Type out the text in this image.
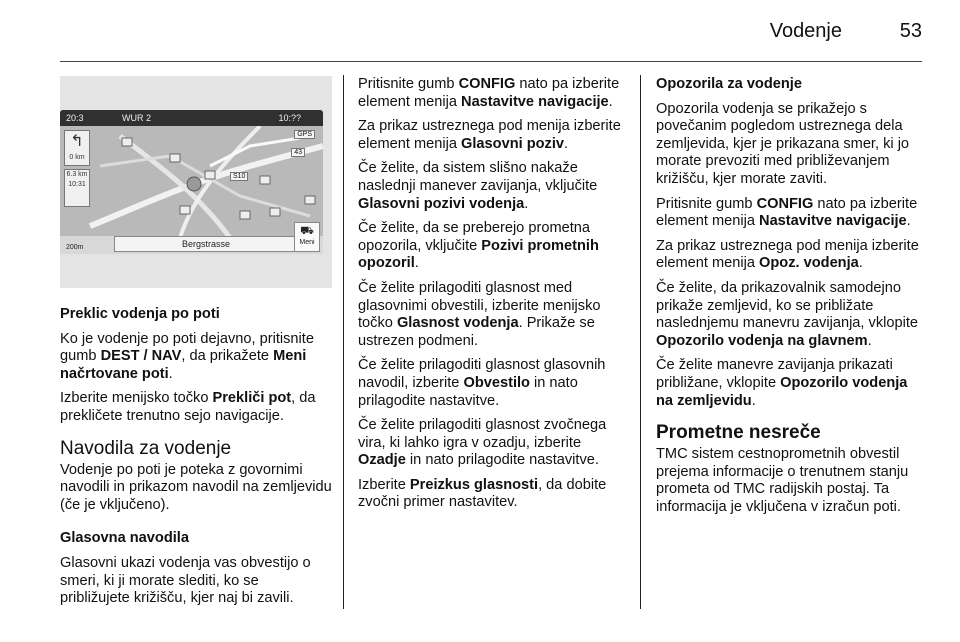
Vodenje	53
20:3	WUR 2	10:??
GPS
43
S10
↰
0 km
6.3 km
10:31
200m	Bergstrasse
⛟
Meni

Preklic vodenja po poti

Ko je vodenje po poti dejavno, pritisnite gumb DEST / NAV, da prikažete Meni načrtovane poti.

Izberite menijsko točko Prekliči pot, da prekličete trenutno sejo navigacije.

Navodila za vodenje

Vodenje po poti je poteka z govornimi navodili in prikazom navodil na zemljevidu (če je vključeno).

Glasovna navodila

Glasovni ukazi vodenja vas obvestijo o smeri, ki ji morate slediti, ko se približujete križišču, kjer naj bi zavili.

Pritisnite gumb CONFIG nato pa izberite element menija Nastavitve navigacije.

Za prikaz ustreznega pod menija izberite element menija Glasovni poziv.

Če želite, da sistem slišno nakaže naslednji manever zavijanja, vključite Glasovni pozivi vodenja.

Če želite, da se preberejo prometna opozorila, vključite Pozivi prometnih opozoril.

Če želite prilagoditi glasnost med glasovnimi obvestili, izberite menijsko točko Glasnost vodenja. Prikaže se ustrezen podmeni.

Če želite prilagoditi glasnost glasovnih navodil, izberite Obvestilo in nato prilagodite nastavitve.

Če želite prilagoditi glasnost zvočnega vira, ki lahko igra v ozadju, izberite Ozadje in nato prilagodite nastavitve.

Izberite Preizkus glasnosti, da dobite zvočni primer nastavitev.

Opozorila za vodenje

Opozorila vodenja se prikažejo s povečanim pogledom ustreznega dela zemljevida, kjer je prikazana smer, ki jo morate prevoziti med približevanjem križišču, kjer morate zaviti.

Pritisnite gumb CONFIG nato pa izberite element menija Nastavitve navigacije.

Za prikaz ustreznega pod menija izberite element menija Opoz. vodenja.

Če želite, da prikazovalnik samodejno prikaže zemljevid, ko se približate naslednjemu manevru zavijanja, vklopite Opozorilo vodenja na glavnem.

Če želite manevre zavijanja prikazati približane, vklopite Opozorilo vodenja na zemljevidu.

Prometne nesreče

TMC sistem cestnoprometnih obvestil prejema informacije o trenutnem stanju prometa od TMC radijskih postaj. Ta informacija je vključena v izračun poti.
